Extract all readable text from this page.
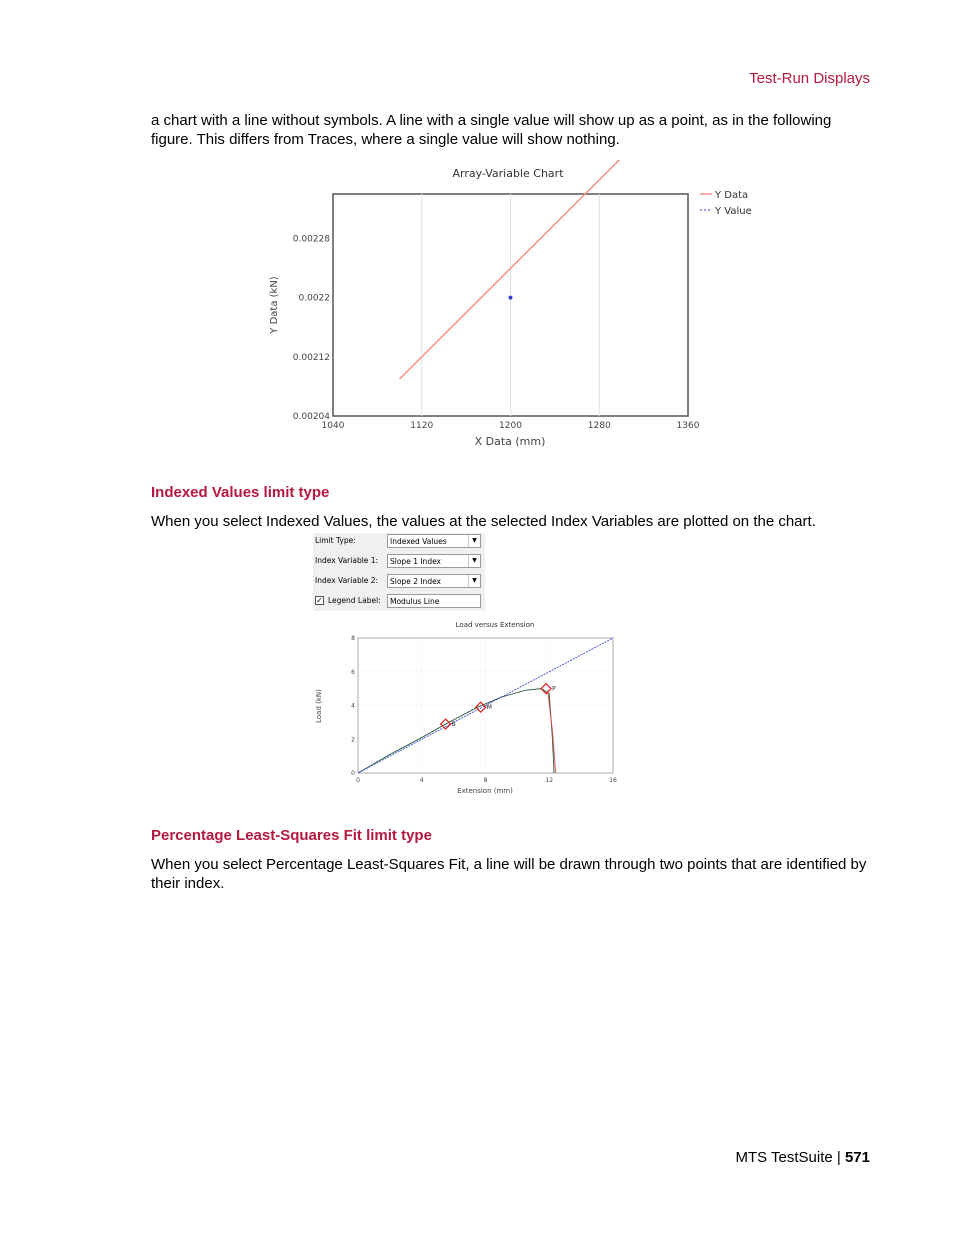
Test-Run Displays

a chart with a line without symbols. A line with a single value will show up as a point, as in the following figure. This differs from Traces, where a single value will show nothing.

Array-Variable Chart
1040	1120	1200	1280	1360
0.00204
0.00212
0.0022
0.00228
X Data (mm)
Y Data (kN)
Y Data
Y Value
Indexed Values limit type

When you select Indexed Values, the values at the selected Index Variables are plotted on the chart.

Limit Type:	Indexed Values	▼
Index Variable 1: Slope 1 Index	▼
Index Variable 2: Slope 2 Index	▼
✓ Legend Label: Modulus Line
Load versus Extension
0	4	8	12	16
0
2
4
6
8
B
M
P
Extension (mm)
Load (kN)
Percentage Least-Squares Fit limit type

When you select Percentage Least-Squares Fit, a line will be drawn through two points that are identified by their index.

MTS TestSuite | 571
